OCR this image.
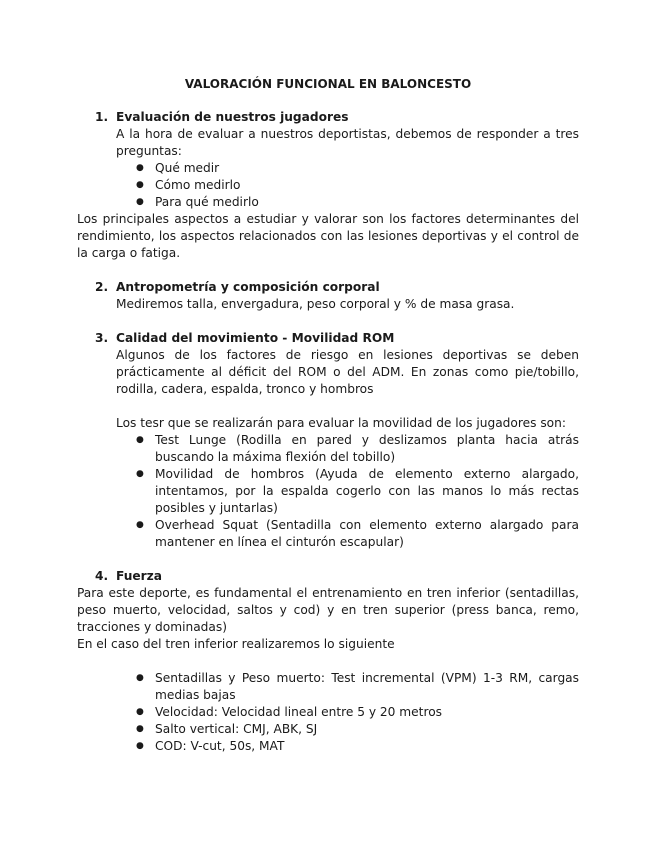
VALORACIÓN FUNCIONAL EN BALONCESTO

1. Evaluación de nuestros jugadores

A la hora de evaluar a nuestros deportistas, debemos de responder a tres preguntas:

● Qué medir
● Cómo medirlo
● Para qué medirlo

Los principales aspectos a estudiar y valorar son los factores determinantes del rendimiento, los aspectos relacionados con las lesiones deportivas y el control de la carga o fatiga.

2. Antropometría y composición corporal

Mediremos talla, envergadura, peso corporal y % de masa grasa.

3. Calidad del movimiento - Movilidad ROM

Algunos de los factores de riesgo en lesiones deportivas se deben prácticamente al déficit del ROM o del ADM. En zonas como pie/tobillo, rodilla, cadera, espalda, tronco y hombros

Los tesr que se realizarán para evaluar la movilidad de los jugadores son:

● Test Lunge (Rodilla en pared y deslizamos planta hacia atrás buscando la máxima flexión del tobillo)
● Movilidad de hombros (Ayuda de elemento externo alargado, intentamos, por la espalda cogerlo con las manos lo más rectas posibles y juntarlas)
● Overhead Squat (Sentadilla con elemento externo alargado para mantener en línea el cinturón escapular)

4. Fuerza

Para este deporte, es fundamental el entrenamiento en tren inferior (sentadillas, peso muerto, velocidad, saltos y cod) y en tren superior (press banca, remo, tracciones y dominadas)

En el caso del tren inferior realizaremos lo siguiente

● Sentadillas y Peso muerto: Test incremental (VPM) 1-3 RM, cargas medias bajas
● Velocidad: Velocidad lineal entre 5 y 20 metros
● Salto vertical: CMJ, ABK, SJ
● COD: V-cut, 50s, MAT
